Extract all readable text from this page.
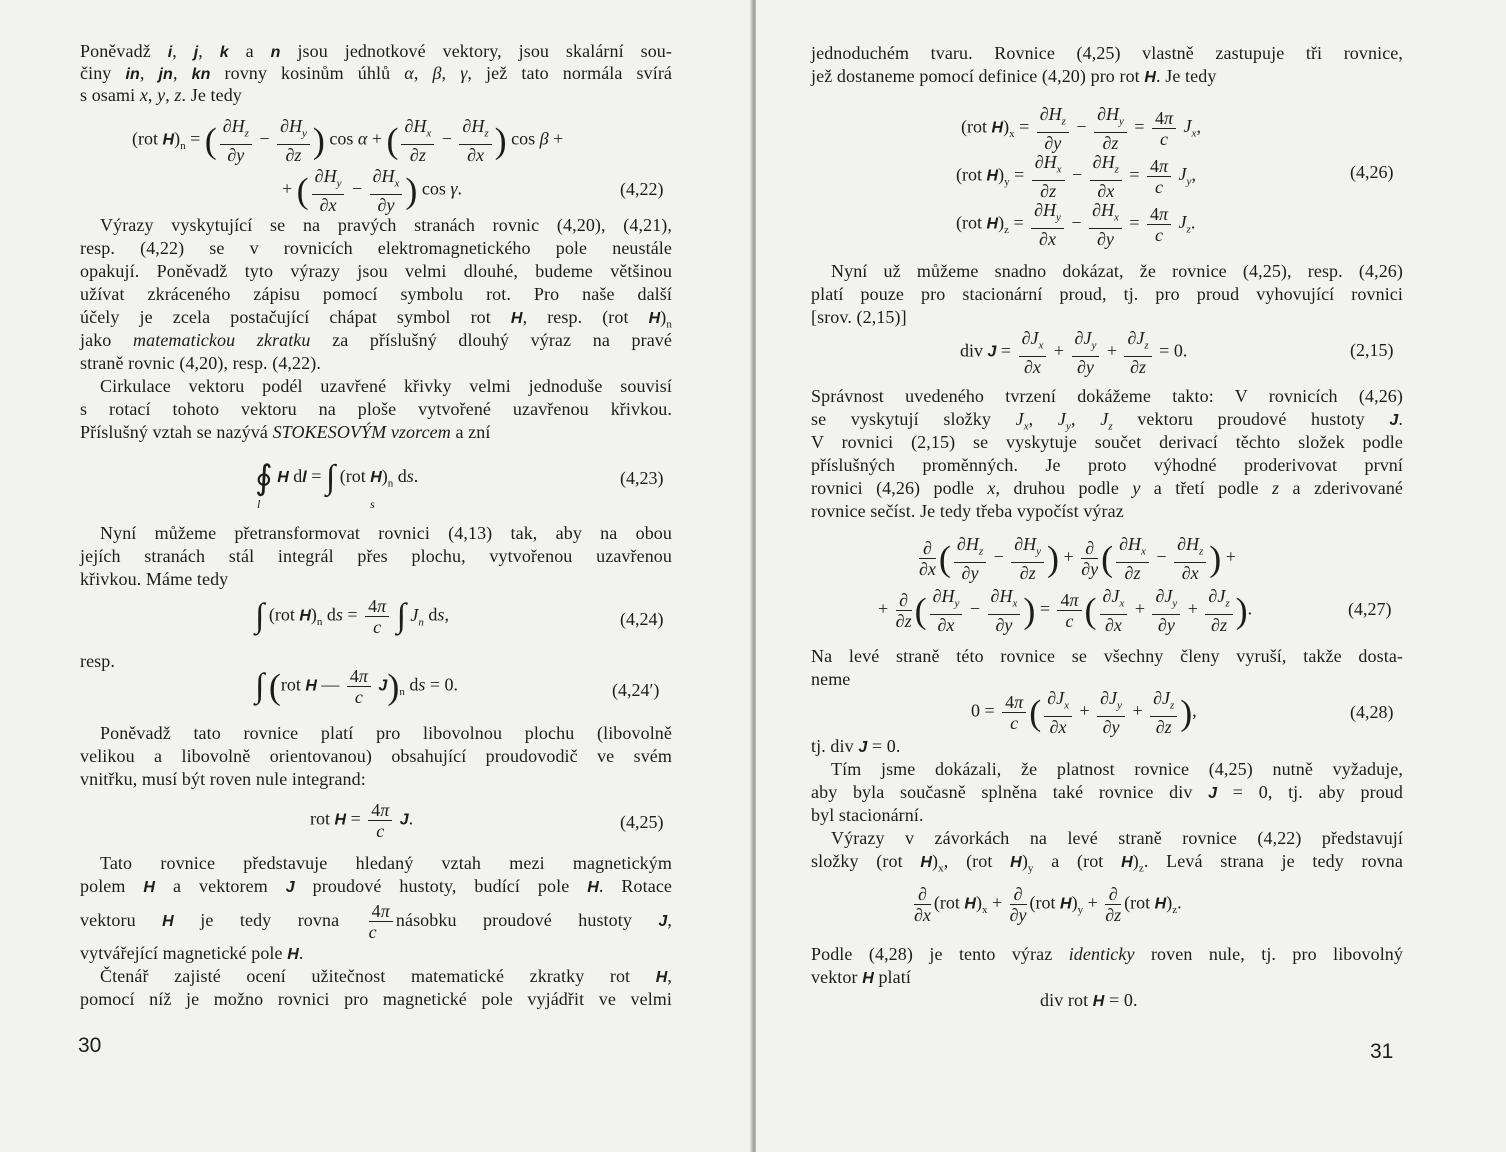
Poněvadž i, j, k a n jsou jednotkové vektory, jsou skalární sou-
činy in, jn, kn rovny kosinům úhlů α, β, γ, jež tato normála svírá
s osami x, y, z. Je tedy
(rot $H)_n$ = ( $\frac{\partial H_z}{\partial y} - \frac{\partial H_y}{\partial z}$ ) cos α + ( $\frac{\partial H_x}{\partial z} - \frac{\partial H_z}{\partial x}$ ) cos β +
+ ( $\frac{\partial H_y}{\partial x} - \frac{\partial H_x}{\partial y}$ ) cos γ.	(4,22)
Výrazy vyskytující se na pravých stranách rovnic (4,20), (4,21),
resp. (4,22) se v rovnicích elektromagnetického pole neustále
opakují. Poněvadž tyto výrazy jsou velmi dlouhé, budeme většinou
užívat zkráceného zápisu pomocí symbolu rot. Pro naše další
účely je zcela postačující chápat symbol rot H, resp. (rot $H)_n$
jako matematickou zkratku za příslušný dlouhý výraz na pravé
straně rovnic (4,20), resp. (4,22).
Cirkulace vektoru podél uzavřené křivky velmi jednoduše souvisí
s rotací tohoto vektoru na ploše vytvořené uzavřenou křivkou.
Příslušný vztah se nazývá STOKESOVÝM vzorcem a zní
∮ H dl = ∫ (rot $H)_n$ ds.
l	s
(4,23)
Nyní můžeme přetransformovat rovnici (4,13) tak, aby na obou
jejích stranách stál integrál přes plochu, vytvořenou uzavřenou
křivkou. Máme tedy
∫ (rot $H)_n$ ds = $\frac{4\pi}{c}$ ∫ $J_n$ ds,	(4,24)
resp.
∫ (rot H — $\frac{4\pi}{c} J)_n$ ds = 0.	(4,24′)
Poněvadž tato rovnice platí pro libovolnou plochu (libovolně
velikou a libovolně orientovanou) obsahující proudovodič ve svém
vnitřku, musí být roven nule integrand:
rot $H = \frac{4\pi}{c} J$.	(4,25)
Tato rovnice představuje hledaný vztah mezi magnetickým
polem H a vektorem J proudové hustoty, budící pole H. Rotace
vektoru H je tedy rovna $\frac{4\pi}{c}$ násobku proudové hustoty J,
vytvářející magnetické pole H.
Čtenář zajisté ocení užitečnost matematické zkratky rot H,
pomocí níž je možno rovnici pro magnetické pole vyjádřit ve velmi
30
jednoduchém tvaru. Rovnice (4,25) vlastně zastupuje tři rovnice,
jež dostaneme pomocí definice (4,20) pro rot H. Je tedy
(rot $H)_x = \frac{\partial H_z}{\partial y} - \frac{\partial H_y}{\partial z} = \frac{4\pi}{c} J_x$,
(rot $H)_y = \frac{\partial H_x}{\partial z} - \frac{\partial H_z}{\partial x} = \frac{4\pi}{c} J_y$,
(rot $H)_z = \frac{\partial H_y}{\partial x} - \frac{\partial H_x}{\partial y} = \frac{4\pi}{c} J_z$.
(4,26)
Nyní už můžeme snadno dokázat, že rovnice (4,25), resp. (4,26)
platí pouze pro stacionární proud, tj. pro proud vyhovující rovnici
[srov. (2,15)]
div $J = \frac{\partial J_x}{\partial x} + \frac{\partial J_y}{\partial y} + \frac{\partial J_z}{\partial z} = 0$.	(2,15)
Správnost uvedeného tvrzení dokážeme takto: V rovnicích (4,26)
se vyskytují složky $J_x$, $J_y$, $J_z$ vektoru proudové hustoty J.
V rovnici (2,15) se vyskytuje součet derivací těchto složek podle
příslušných proměnných. Je proto výhodné proderivovat první
rovnici (4,26) podle x, druhou podle y a třetí podle z a zderivované
rovnice sečíst. Je tedy třeba vypočíst výraz
∂
∂x ( $\frac{\partial H_z}{\partial y} - \frac{\partial H_y}{\partial z}$ ) + ∂
∂y ( $\frac{\partial H_x}{\partial z} - \frac{\partial H_z}{\partial x}$ ) +
+ ∂
∂z ( $\frac{\partial H_y}{\partial x} - \frac{\partial H_x}{\partial y}$ ) = $\frac{4\pi}{c}$ ( $\frac{\partial J_x}{\partial x} + \frac{\partial J_y}{\partial y} + \frac{\partial J_z}{\partial z}$ ).	(4,27)
Na levé straně této rovnice se všechny členy vyruší, takže dosta-
neme
$0 = \frac{4\pi}{c}$ ( $\frac{\partial J_x}{\partial x} + \frac{\partial J_y}{\partial y} + \frac{\partial J_z}{\partial z}$ ),	(4,28)
tj. div J = 0.
Tím jsme dokázali, že platnost rovnice (4,25) nutně vyžaduje,
aby byla současně splněna také rovnice div J = 0, tj. aby proud
byl stacionární.
Výrazy v závorkách na levé straně rovnice (4,22) představují
složky (rot $H)_x$, (rot $H)_y$ a (rot $H)_z$. Levá strana je tedy rovna
∂
∂x
(rot $H)_x$ + ∂
∂y
(rot $H)_y$ + ∂
∂z
(rot $H)_z$.
Podle (4,28) je tento výraz identicky roven nule, tj. pro libovolný
vektor H platí
div rot H = 0.
31
